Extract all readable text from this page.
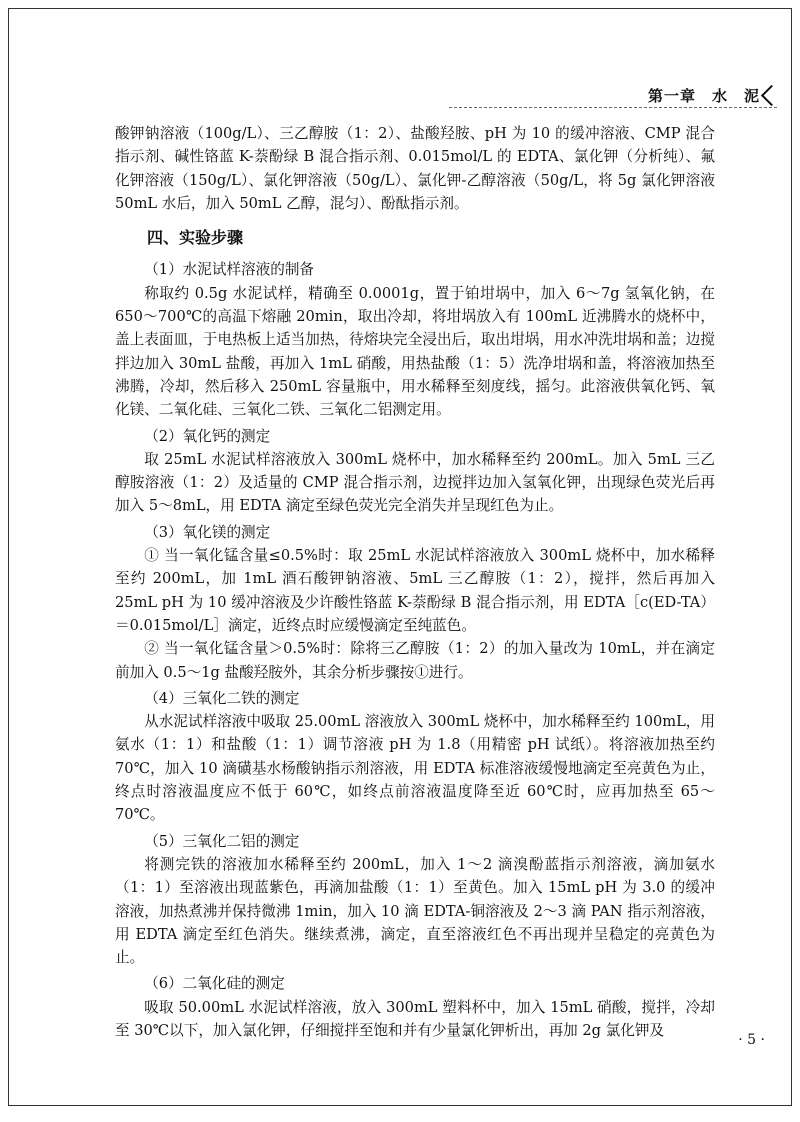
第一章　水　泥

酸钾钠溶液（100g/L）、三乙醇胺（1：2）、盐酸羟胺、pH 为 10 的缓冲溶液、CMP 混合指示剂、碱性铬蓝 K-萘酚绿 B 混合指示剂、0.015mol/L 的 EDTA、氯化钾（分析纯）、氟化钾溶液（150g/L）、氯化钾溶液（50g/L）、氯化钾-乙醇溶液（50g/L，将 5g 氯化钾溶液 50mL 水后，加入 50mL 乙醇，混匀）、酚酞指示剂。

四、实验步骤

（1）水泥试样溶液的制备

称取约 0.5g 水泥试样，精确至 0.0001g，置于铂坩埚中，加入 6～7g 氢氧化钠，在 650～700℃的高温下熔融 20min，取出冷却，将坩埚放入有 100mL 近沸腾水的烧杯中，盖上表面皿，于电热板上适当加热，待熔块完全浸出后，取出坩埚，用水冲洗坩埚和盖；边搅拌边加入 30mL 盐酸，再加入 1mL 硝酸，用热盐酸（1：5）洗净坩埚和盖，将溶液加热至沸腾，冷却，然后移入 250mL 容量瓶中，用水稀释至刻度线，摇匀。此溶液供氧化钙、氧化镁、二氧化硅、三氧化二铁、三氧化二铝测定用。

（2）氧化钙的测定

取 25mL 水泥试样溶液放入 300mL 烧杯中，加水稀释至约 200mL。加入 5mL 三乙醇胺溶液（1：2）及适量的 CMP 混合指示剂，边搅拌边加入氢氧化钾，出现绿色荧光后再加入 5～8mL，用 EDTA 滴定至绿色荧光完全消失并呈现红色为止。

（3）氧化镁的测定

① 当一氧化锰含量≤0.5%时：取 25mL 水泥试样溶液放入 300mL 烧杯中，加水稀释至约 200mL，加 1mL 酒石酸钾钠溶液、5mL 三乙醇胺（1：2），搅拌，然后再加入 25mL pH 为 10 缓冲溶液及少许酸性铬蓝 K-萘酚绿 B 混合指示剂，用 EDTA［c(ED-TA）＝0.015mol/L］滴定，近终点时应缓慢滴定至纯蓝色。

② 当一氧化锰含量＞0.5%时：除将三乙醇胺（1：2）的加入量改为 10mL，并在滴定前加入 0.5～1g 盐酸羟胺外，其余分析步骤按①进行。

（4）三氧化二铁的测定

从水泥试样溶液中吸取 25.00mL 溶液放入 300mL 烧杯中，加水稀释至约 100mL，用氨水（1：1）和盐酸（1：1）调节溶液 pH 为 1.8（用精密 pH 试纸）。将溶液加热至约 70℃，加入 10 滴磺基水杨酸钠指示剂溶液，用 EDTA 标准溶液缓慢地滴定至亮黄色为止，终点时溶液温度应不低于 60℃，如终点前溶液温度降至近 60℃时，应再加热至 65～70℃。

（5）三氧化二铝的测定

将测完铁的溶液加水稀释至约 200mL，加入 1～2 滴溴酚蓝指示剂溶液，滴加氨水（1：1）至溶液出现蓝紫色，再滴加盐酸（1：1）至黄色。加入 15mL pH 为 3.0 的缓冲溶液，加热煮沸并保持微沸 1min，加入 10 滴 EDTA-铜溶液及 2～3 滴 PAN 指示剂溶液，用 EDTA 滴定至红色消失。继续煮沸，滴定，直至溶液红色不再出现并呈稳定的亮黄色为止。

（6）二氧化硅的测定

吸取 50.00mL 水泥试样溶液，放入 300mL 塑料杯中，加入 15mL 硝酸，搅拌，冷却至 30℃以下，加入氯化钾，仔细搅拌至饱和并有少量氯化钾析出，再加 2g 氯化钾及

· 5 ·
